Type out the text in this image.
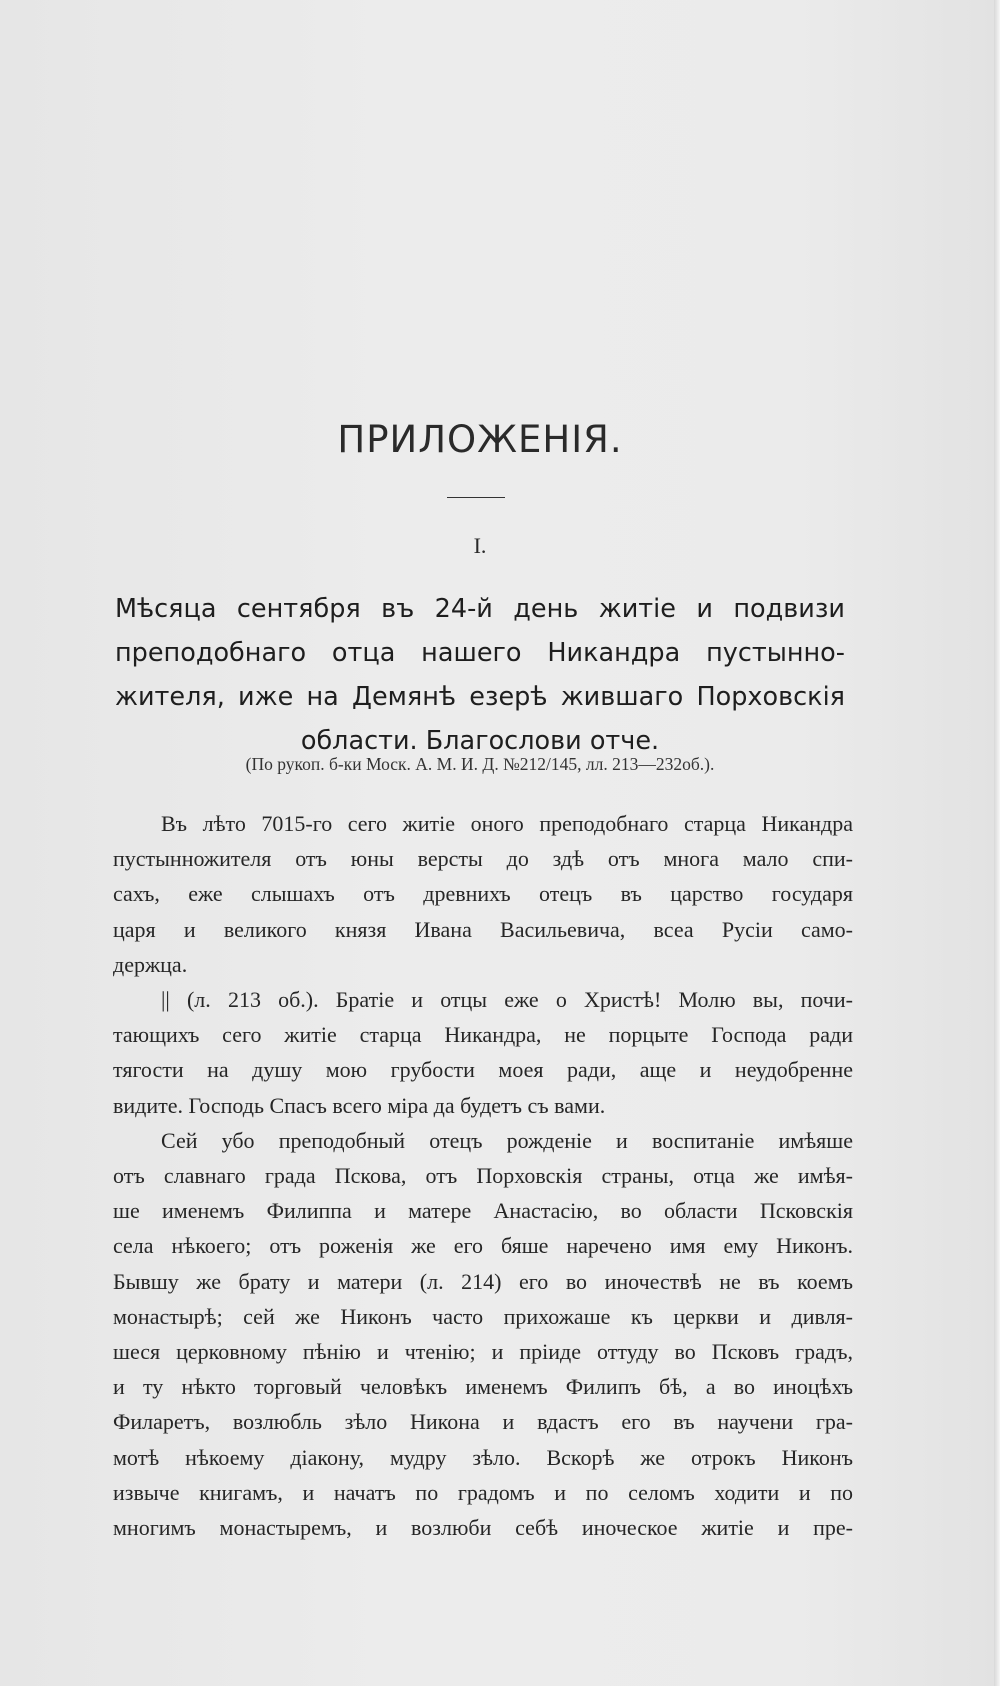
ПРИЛОЖЕНІЯ.
I.
Мѣсяца сентября въ 24-й день житіе и подвизи
преподобнаго отца нашего Никандра пустынно-
жителя, иже на Демянѣ езерѣ жившаго Порховскія
области. Благослови отче.
(По рукоп. б-ки Моск. А. М. И. Д. №212/145, лл. 213—232об.).
Въ лѣто 7015-го сего житіе оного преподобнаго старца Никандра
пустынножителя отъ юны версты до здѣ отъ многа мало спи-
сахъ, еже слышахъ отъ древнихъ отецъ въ царство государя
царя и великого князя Ивана Васильевича, всеа Русіи само-
держца.
|| (л. 213 об.). Братіе и отцы еже о Христѣ! Молю вы, почи-
тающихъ сего житіе старца Никандра, не порцыте Господа ради
тягости на душу мою грубости моея ради, аще и неудобренне
видите. Господь Спасъ всего міра да будетъ съ вами.
Сей убо преподобный отецъ рожденіе и воспитаніе имѣяше
отъ славнаго града Пскова, отъ Порховскія страны, отца же имѣя-
ше именемъ Филиппа и матере Анастасію, во области Псковскія
села нѣкоего; отъ роженія же его бяше наречено имя ему Никонъ.
Бывшу же брату и матери (л. 214) его во иночествѣ не въ коемъ
монастырѣ; сей же Никонъ часто прихожаше къ церкви и дивля-
шеся церковному пѣнію и чтенію; и пріиде оттуду во Псковъ градъ,
и ту нѣкто торговый человѣкъ именемъ Филипъ бѣ, а во иноцѣхъ
Филаретъ, возлюбль зѣло Никона и вдастъ его въ научени гра-
мотѣ нѣкоему діакону, мудру зѣло. Вскорѣ же отрокъ Никонъ
извыче книгамъ, и начатъ по градомъ и по селомъ ходити и по
многимъ монастыремъ, и возлюби себѣ иноческое житіе и пре-
